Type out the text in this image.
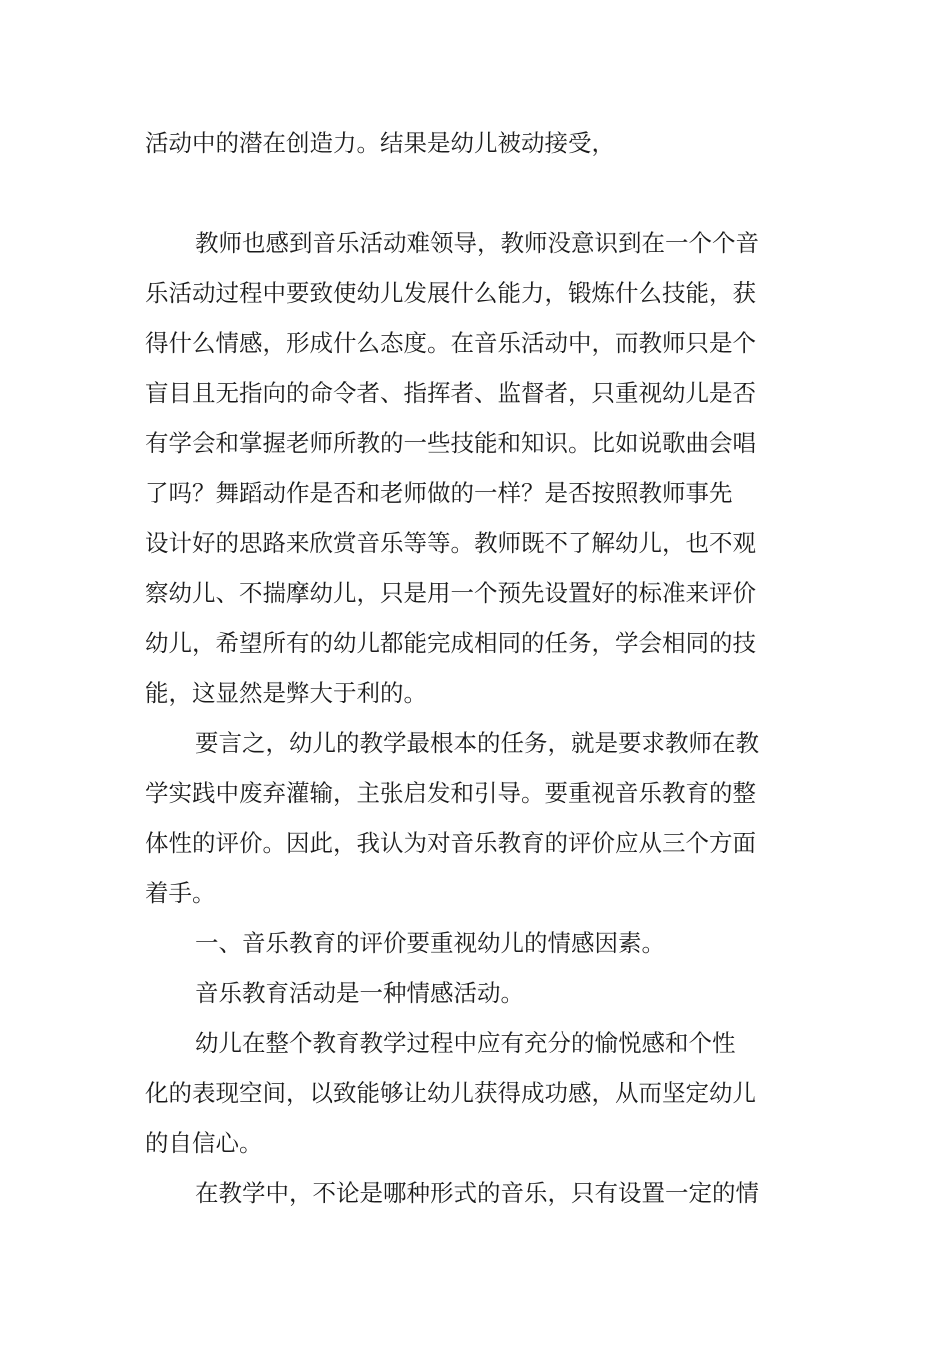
活动中的潜在创造力。结果是幼儿被动接受，
教师也感到音乐活动难领导，教师没意识到在一个个音
乐活动过程中要致使幼儿发展什么能力，锻炼什么技能，获
得什么情感，形成什么态度。在音乐活动中，而教师只是个
盲目且无指向的命令者、指挥者、监督者，只重视幼儿是否
有学会和掌握老师所教的一些技能和知识。比如说歌曲会唱
了吗？舞蹈动作是否和老师做的一样？是否按照教师事先
设计好的思路来欣赏音乐等等。教师既不了解幼儿，也不观
察幼儿、不揣摩幼儿，只是用一个预先设置好的标准来评价
幼儿，希望所有的幼儿都能完成相同的任务，学会相同的技
能，这显然是弊大于利的。
要言之，幼儿的教学最根本的任务，就是要求教师在教
学实践中废弃灌输，主张启发和引导。要重视音乐教育的整
体性的评价。因此，我认为对音乐教育的评价应从三个方面
着手。
一、音乐教育的评价要重视幼儿的情感因素。
音乐教育活动是一种情感活动。
幼儿在整个教育教学过程中应有充分的愉悦感和个性
化的表现空间，以致能够让幼儿获得成功感，从而坚定幼儿
的自信心。
在教学中，不论是哪种形式的音乐，只有设置一定的情
